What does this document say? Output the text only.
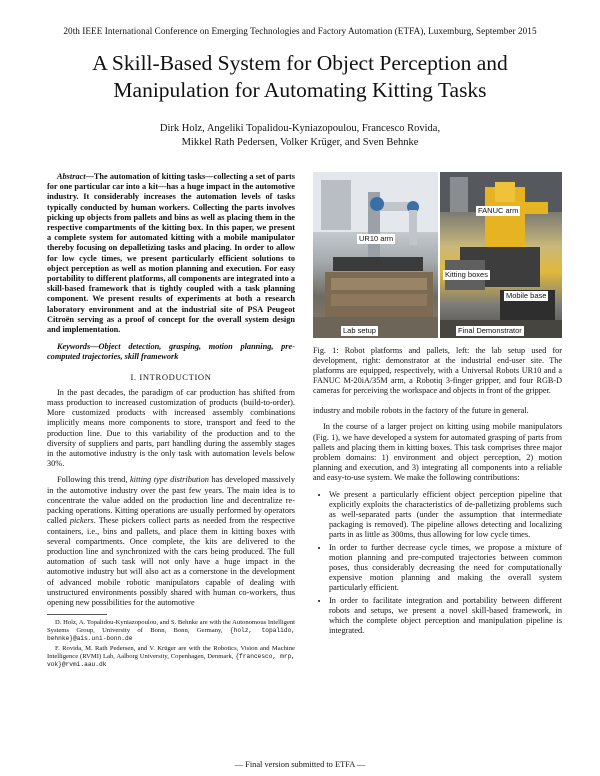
20th IEEE International Conference on Emerging Technologies and Factory Automation (ETFA), Luxemburg, September 2015
A Skill-Based System for Object Perception and
Manipulation for Automating Kitting Tasks
Dirk Holz, Angeliki Topalidou-Kyniazopoulou, Francesco Rovida,
Mikkel Rath Pedersen, Volker Krüger, and Sven Behnke

Abstract—The automation of kitting tasks—collecting a set of parts for one particular car into a kit—has a huge impact in the automotive industry. It considerably increases the automation levels of tasks typically conducted by human workers. Collecting the parts involves picking up objects from pallets and bins as well as placing them in the respective compartments of the kitting box. In this paper, we present a complete system for automated kitting with a mobile manipulator thereby focusing on depalletizing tasks and placing. In order to allow for low cycle times, we present particularly efficient solutions to object perception as well as motion planning and execution. For easy portability to different platforms, all components are integrated into a skill-based framework that is tightly coupled with a task planning component. We present results of experiments at both a research laboratory environment and at the industrial site of PSA Peugeot Citroën serving as a proof of concept for the overall system design and implementation.

Keywords—Object detection, grasping, motion planning, pre-computed trajectories, skill framework

I. INTRODUCTION

In the past decades, the paradigm of car production has shifted from mass production to increased customization of products (build-to-order). More customized products with increased assembly combinations implicitly means more components to store, transport and feed to the production line. Due to this variability of the production and to the diversity of suppliers and parts, part handling during the assembly stages in the automotive industry is the only task with automation levels below 30%.

Following this trend, kitting type distribution has developed massively in the automotive industry over the past few years. The main idea is to concentrate the value added on the production line and decentralize re-packing operations. Kitting operations are usually performed by operators called pickers. These pickers collect parts as needed from the respective containers, i.e., bins and pallets, and place them in kitting boxes with several compartments. Once complete, the kits are delivered to the production line and synchronized with the cars being produced. The full automation of such task will not only have a huge impact in the automotive industry but will also act as a cornerstone in the development of advanced mobile robotic manipulators capable of dealing with unstructured environments possibly shared with human co-workers, thus opening new possibilities for the automotive

D. Holz, A. Topalidou-Kyniazopoulou, and S. Behnke are with the Autonomous Intelligent Systems Group, University of Bonn, Bonn, Germany, {holz, topalido, behnke}@ais.uni-bonn.de

F. Rovida, M. Rath Pedersen, and V. Krüger are with the Robotics, Vision and Machine Intelligence (RVMI) Lab, Aalborg University, Copenhagen, Denmark, {francesco, mrp, vok}@rvmi.aau.dk

UR10 arm
Lab setup
FANUC arm
Kitting boxes
Mobile base
Final Demonstrator

Fig. 1: Robot platforms and pallets, left: the lab setup used for development, right: demonstrator at the industrial end-user site. The platforms are equipped, respectively, with a Universal Robots UR10 and a FANUC M-20iA/35M arm, a Robotiq 3-finger gripper, and four RGB-D cameras for perceiving the workspace and objects in front of the gripper.

industry and mobile robots in the factory of the future in general.

In the course of a larger project on kitting using mobile manipulators (Fig. 1), we have developed a system for automated grasping of parts from pallets and placing them in kitting boxes. This task comprises three major problem domains: 1) environment and object perception, 2) motion planning and execution, and 3) integrating all components into a reliable and easy-to-use system. We make the following contributions:

• We present a particularly efficient object perception pipeline that explicitly exploits the characteristics of de-palletizing problems such as well-separated parts (under the assumption that intermediate packaging is removed). The pipeline allows detecting and localizing parts in as little as 300ms, thus allowing for low cycle times.
• In order to further decrease cycle times, we propose a mixture of motion planning and pre-computed trajectories between common poses, thus considerably decreasing the need for computationally expensive motion planning and making the overall system particularly efficient.
• In order to facilitate integration and portability between different robots and setups, we present a novel skill-based framework, in which the complete object perception and manipulation pipeline is integrated.
— Final version submitted to ETFA —
